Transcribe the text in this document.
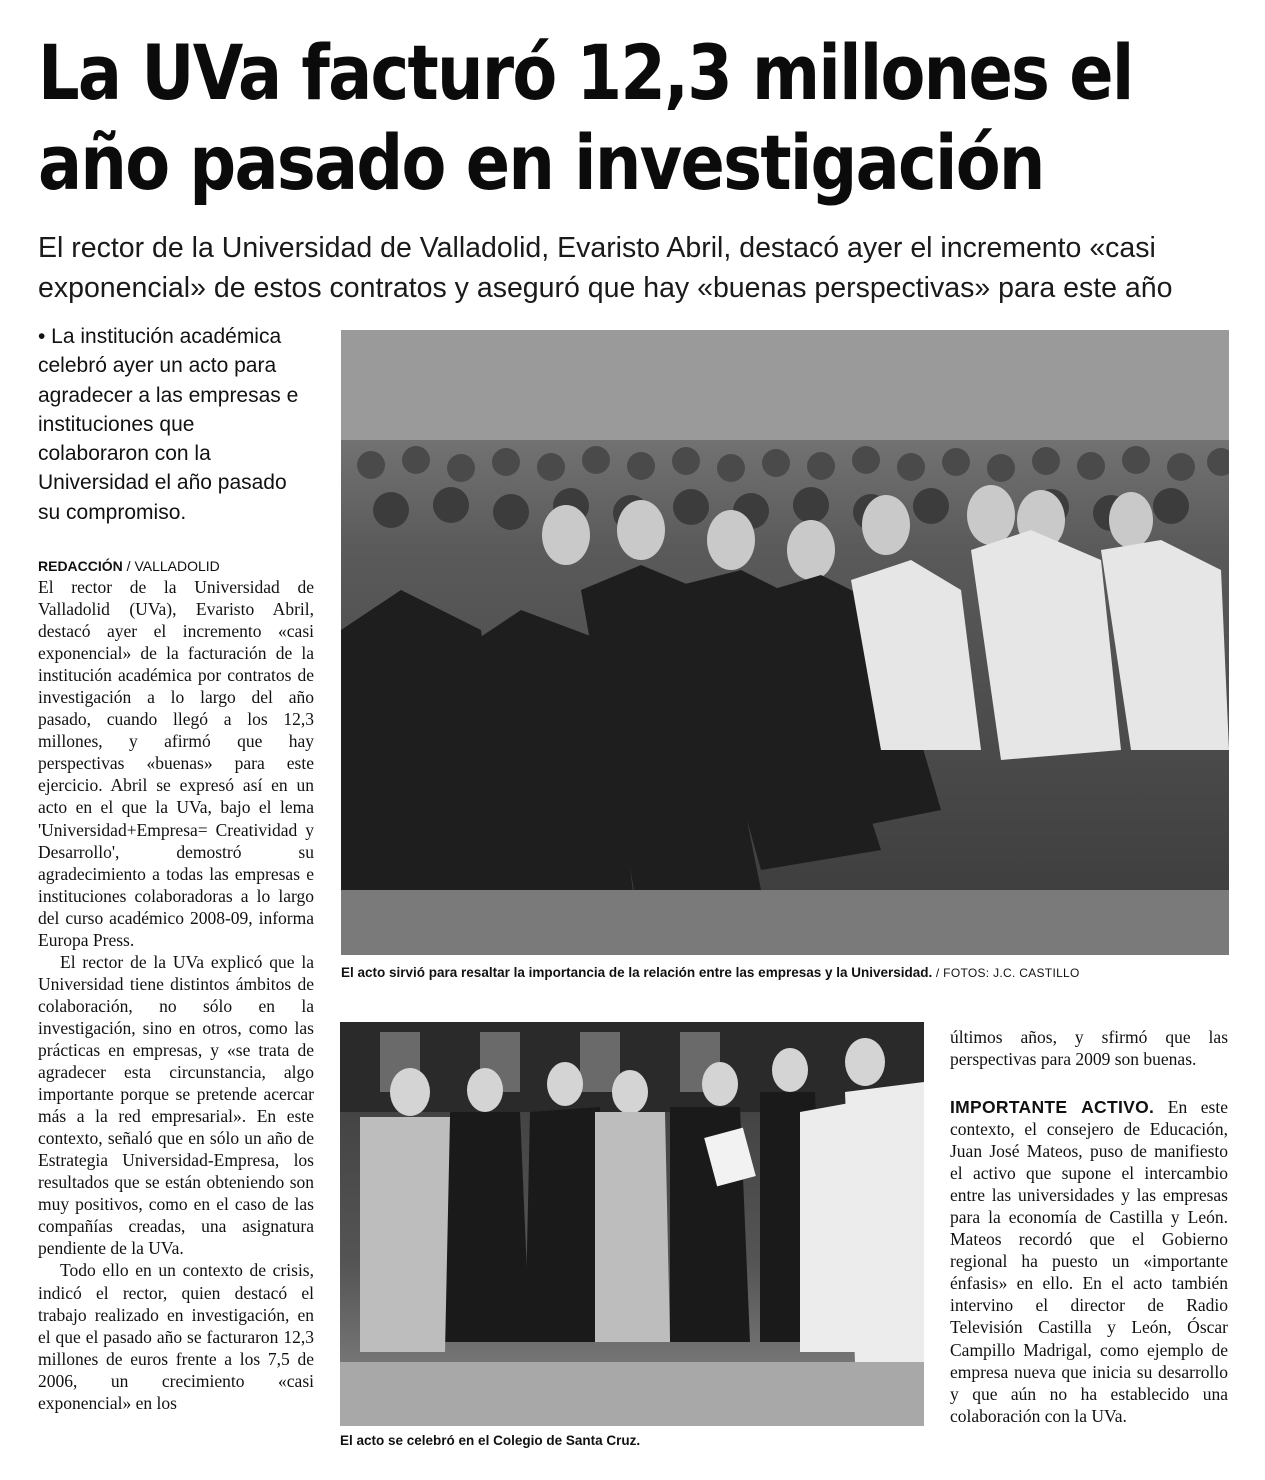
La UVa facturó 12,3 millones el
año pasado en investigación
El rector de la Universidad de Valladolid, Evaristo Abril, destacó ayer el incremento «casi exponencial» de estos contratos y aseguró que hay «buenas perspectivas» para este año
• La institución académica celebró ayer un acto para agradecer a las empresas e instituciones que colaboraron con la Universidad el año pasado su compromiso.
REDACCIÓN / VALLADOLID

El rector de la Universidad de Valladolid (UVa), Evaristo Abril, destacó ayer el incremento «casi exponencial» de la facturación de la institución académica por contratos de investigación a lo largo del año pasado, cuando llegó a los 12,3 millones, y afirmó que hay perspectivas «buenas» para este ejercicio. Abril se expresó así en un acto en el que la UVa, bajo el lema 'Universidad+Empresa= Creatividad y Desarrollo', demostró su agradecimiento a todas las empresas e instituciones colaboradoras a lo largo del curso académico 2008-09, informa Europa Press.

El rector de la UVa explicó que la Universidad tiene distintos ámbitos de colaboración, no sólo en la investigación, sino en otros, como las prácticas en empresas, y «se trata de agradecer esta circunstancia, algo importante porque se pretende acercar más a la red empresarial». En este contexto, señaló que en sólo un año de Estrategia Universidad-Empresa, los resultados que se están obteniendo son muy positivos, como en el caso de las compañías creadas, una asignatura pendiente de la UVa.

Todo ello en un contexto de crisis, indicó el rector, quien destacó el trabajo realizado en investigación, en el que el pasado año se facturaron 12,3 millones de euros frente a los 7,5 de 2006, un crecimiento «casi exponencial» en los

El acto sirvió para resaltar la importancia de la relación entre las empresas y la Universidad. / FOTOS: J.C. CASTILLO
El acto se celebró en el Colegio de Santa Cruz.

últimos años, y sfirmó que las perspectivas para 2009 son buenas.

IMPORTANTE ACTIVO. En este contexto, el consejero de Educación, Juan José Mateos, puso de manifiesto el activo que supone el intercambio entre las universidades y las empresas para la economía de Castilla y León. Mateos recordó que el Gobierno regional ha puesto un «importante énfasis» en ello. En el acto también intervino el director de Radio Televisión Castilla y León, Óscar Campillo Madrigal, como ejemplo de empresa nueva que inicia su desarrollo y que aún no ha establecido una colaboración con la UVa.
